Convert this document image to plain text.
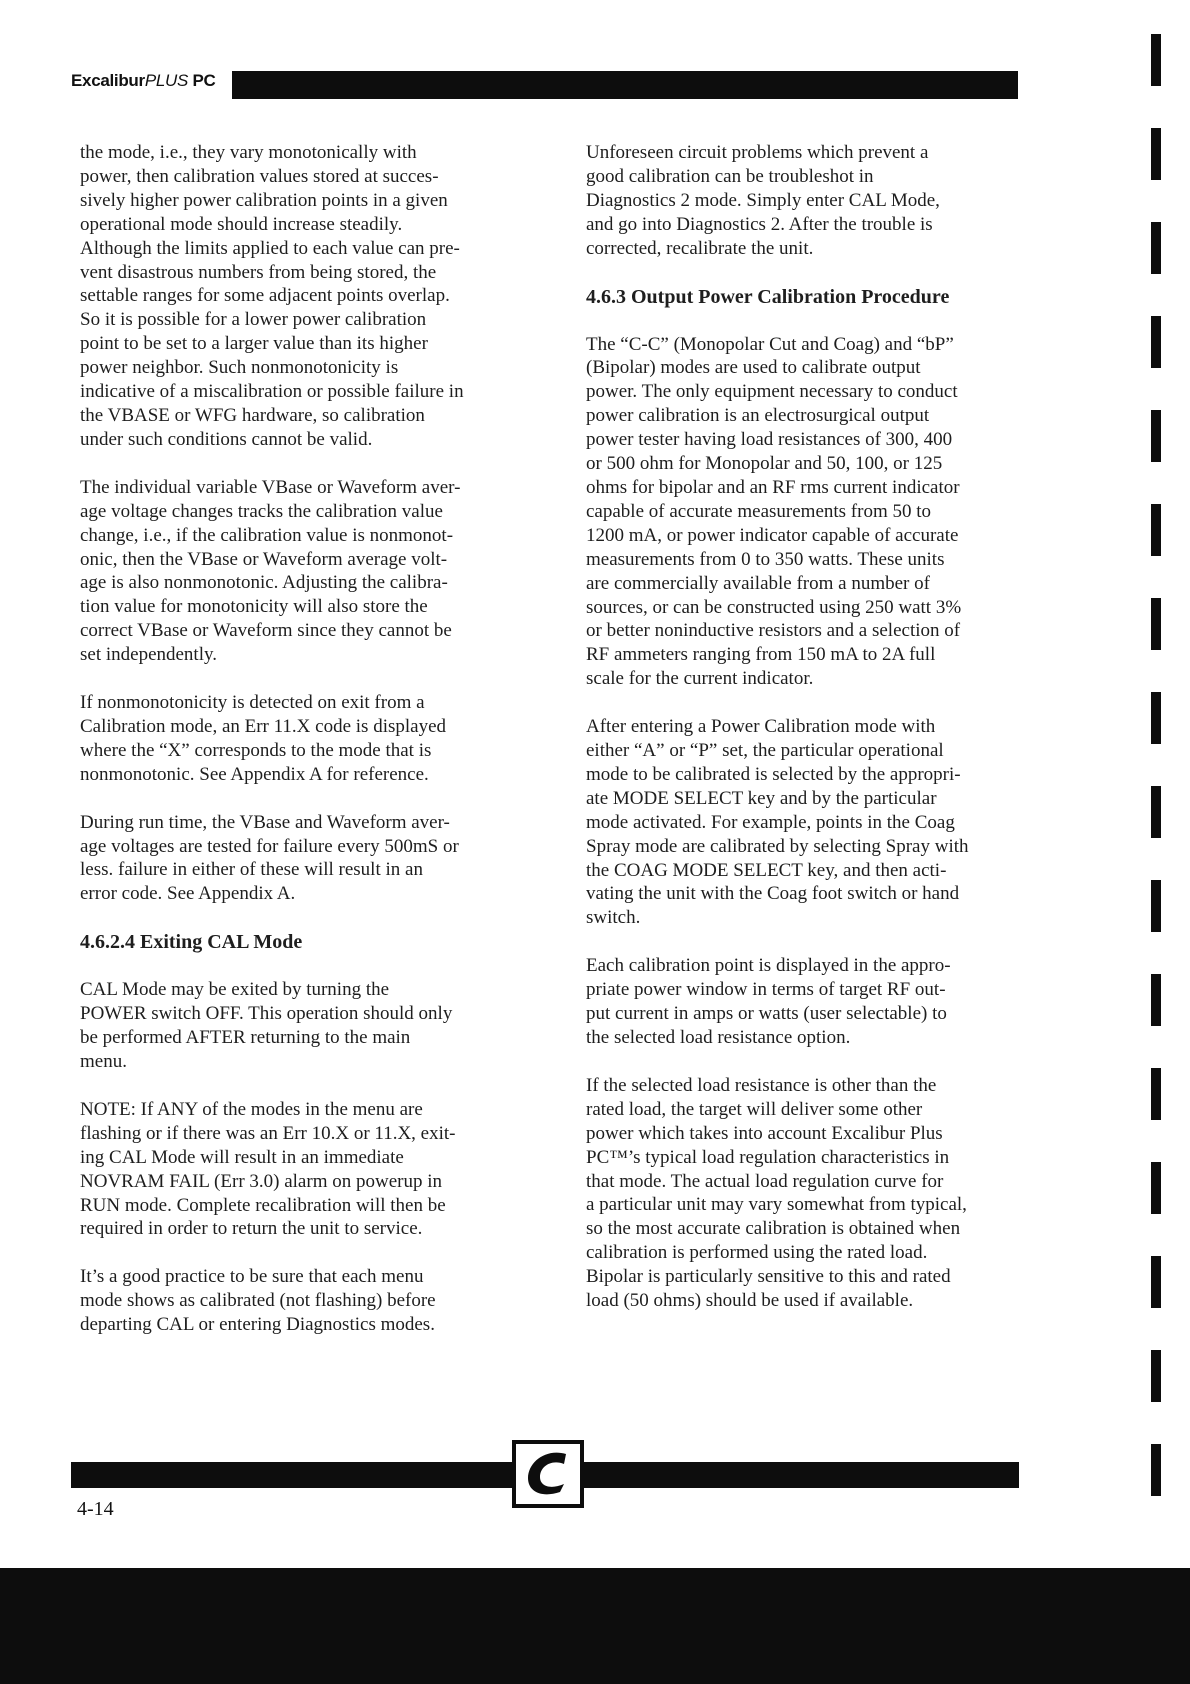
ExcaliburPLUS PC

the mode, i.e., they vary monotonically with
power, then calibration values stored at succes-
sively higher power calibration points in a given
operational mode should increase steadily.
Although the limits applied to each value can pre-
vent disastrous numbers from being stored, the
settable ranges for some adjacent points overlap.
So it is possible for a lower power calibration
point to be set to a larger value than its higher
power neighbor. Such nonmonotonicity is
indicative of a miscalibration or possible failure in
the VBASE or WFG hardware, so calibration
under such conditions cannot be valid.

The individual variable VBase or Waveform aver-
age voltage changes tracks the calibration value
change, i.e., if the calibration value is nonmonot-
onic, then the VBase or Waveform average volt-
age is also nonmonotonic. Adjusting the calibra-
tion value for monotonicity will also store the
correct VBase or Waveform since they cannot be
set independently.

If nonmonotonicity is detected on exit from a
Calibration mode, an Err 11.X code is displayed
where the “X” corresponds to the mode that is
nonmonotonic. See Appendix A for reference.

During run time, the VBase and Waveform aver-
age voltages are tested for failure every 500mS or
less. failure in either of these will result in an
error code. See Appendix A.

4.6.2.4 Exiting CAL Mode

CAL Mode may be exited by turning the
POWER switch OFF. This operation should only
be performed AFTER returning to the main
menu.

NOTE: If ANY of the modes in the menu are
flashing or if there was an Err 10.X or 11.X, exit-
ing CAL Mode will result in an immediate
NOVRAM FAIL (Err 3.0) alarm on powerup in
RUN mode. Complete recalibration will then be
required in order to return the unit to service.

It’s a good practice to be sure that each menu
mode shows as calibrated (not flashing) before
departing CAL or entering Diagnostics modes.

Unforeseen circuit problems which prevent a
good calibration can be troubleshot in
Diagnostics 2 mode. Simply enter CAL Mode,
and go into Diagnostics 2. After the trouble is
corrected, recalibrate the unit.

4.6.3 Output Power Calibration Procedure

The “C-C” (Monopolar Cut and Coag) and “bP”
(Bipolar) modes are used to calibrate output
power. The only equipment necessary to conduct
power calibration is an electrosurgical output
power tester having load resistances of 300, 400
or 500 ohm for Monopolar and 50, 100, or 125
ohms for bipolar and an RF rms current indicator
capable of accurate measurements from 50 to
1200 mA, or power indicator capable of accurate
measurements from 0 to 350 watts. These units
are commercially available from a number of
sources, or can be constructed using 250 watt 3%
or better noninductive resistors and a selection of
RF ammeters ranging from 150 mA to 2A full
scale for the current indicator.

After entering a Power Calibration mode with
either “A” or “P” set, the particular operational
mode to be calibrated is selected by the appropri-
ate MODE SELECT key and by the particular
mode activated. For example, points in the Coag
Spray mode are calibrated by selecting Spray with
the COAG MODE SELECT key, and then acti-
vating the unit with the Coag foot switch or hand
switch.

Each calibration point is displayed in the appro-
priate power window in terms of target RF out-
put current in amps or watts (user selectable) to
the selected load resistance option.

If the selected load resistance is other than the
rated load, the target will deliver some other
power which takes into account Excalibur Plus
PC™’s typical load regulation characteristics in
that mode. The actual load regulation curve for
a particular unit may vary somewhat from typical,
so the most accurate calibration is obtained when
calibration is performed using the rated load.
Bipolar is particularly sensitive to this and rated
load (50 ohms) should be used if available.

4-14
